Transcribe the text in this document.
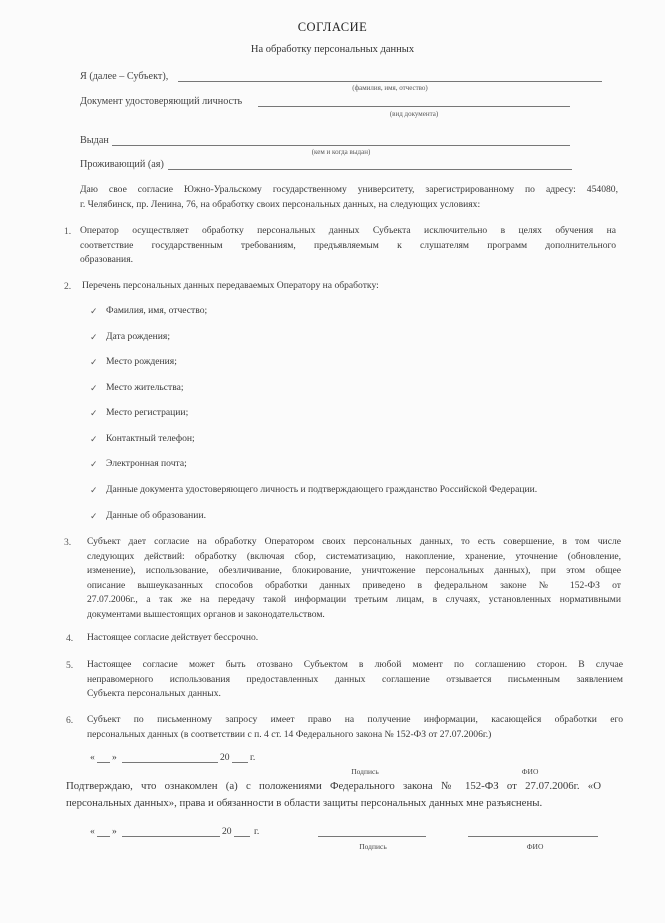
СОГЛАСИЕ
На обработку персональных данных
Я (далее – Субъект),
(фамилия, имя, отчество)
Документ удостоверяющий личность
(вид документа)
Выдан
(кем и когда выдан)
Проживающий (ая)
Даю свое согласие Южно-Уральскому государственному университету, зарегистрированному по адресу: 454080,
г. Челябинск, пр. Ленина, 76, на обработку своих персональных данных, на следующих условиях:
1. Оператор осуществляет обработку персональных данных Субъекта исключительно в целях обучения на
соответствие государственным требованиям, предъявляемым к слушателям программ дополнительного
образования.
2. Перечень персональных данных передаваемых Оператору на обработку:
✓ Фамилия, имя, отчество;
✓ Дата рождения;
✓ Место рождения;
✓ Место жительства;
✓ Место регистрации;
✓ Контактный телефон;
✓ Электронная почта;
✓ Данные документа удостоверяющего личность и подтверждающего гражданство Российской Федерации.
✓ Данные об образовании.
3. Субъект дает согласие на обработку Оператором своих персональных данных, то есть совершение, в том числе
следующих действий: обработку (включая сбор, систематизацию, накопление, хранение, уточнение (обновление,
изменение), использование, обезличивание, блокирование, уничтожение персональных данных), при этом общее
описание вышеуказанных способов обработки данных приведено в федеральном законе № 152-ФЗ от
27.07.2006г., а так же на передачу такой информации третьим лицам, в случаях, установленных нормативными
документами вышестоящих органов и законодательством.
4. Настоящее согласие действует бессрочно.
5. Настоящее согласие может быть отозвано Субъектом в любой момент по соглашению сторон. В случае
неправомерного использования предоставленных данных соглашение отзывается письменным заявлением
Субъекта персональных данных.
6. Субъект по письменному запросу имеет право на получение информации, касающейся обработки его
персональных данных (в соответствии с п. 4 ст. 14 Федерального закона № 152-ФЗ от 27.07.2006г.)
« »	20 г.
Подпись	ФИО
Подтверждаю, что ознакомлен (а) с положениями Федерального закона № 152-ФЗ от 27.07.2006г. «О
персональных данных», права и обязанности в области защиты персональных данных мне разъяснены.
« »	20 г.
Подпись	ФИО
